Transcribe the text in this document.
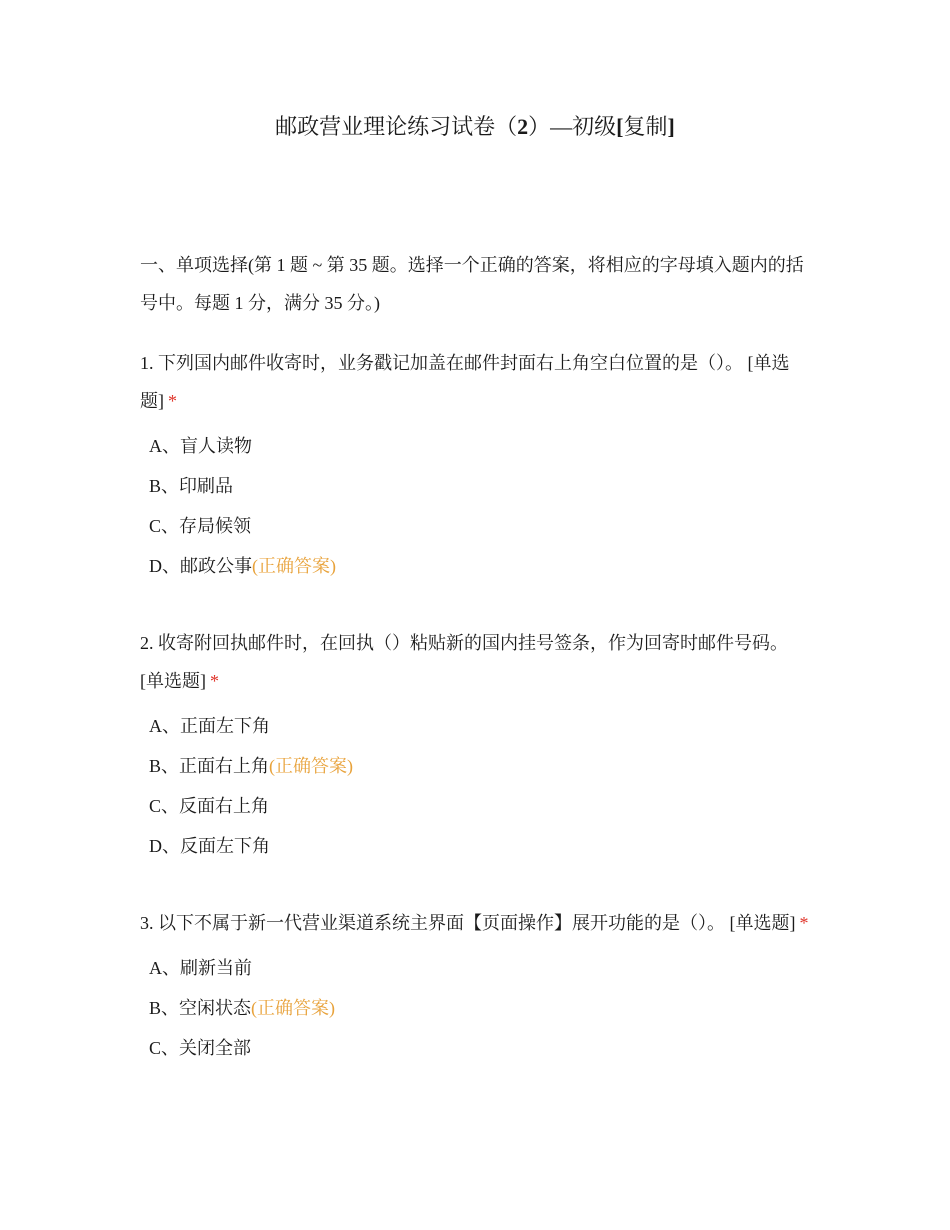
邮政营业理论练习试卷（2）—初级[复制]

一、单项选择(第 1 题 ~ 第 35 题。选择一个正确的答案，将相应的字母填入题内的括号中。每题 1 分，满分 35 分。)

1. 下列国内邮件收寄时，业务戳记加盖在邮件封面右上角空白位置的是（）。 [单选题] *

A、盲人读物
B、印刷品
C、存局候领
D、邮政公事(正确答案)

2. 收寄附回执邮件时，在回执（）粘贴新的国内挂号签条，作为回寄时邮件号码。 [单选题] *

A、正面左下角
B、正面右上角(正确答案)
C、反面右上角
D、反面左下角

3. 以下不属于新一代营业渠道系统主界面【页面操作】展开功能的是（）。 [单选题] *

A、刷新当前
B、空闲状态(正确答案)
C、关闭全部
